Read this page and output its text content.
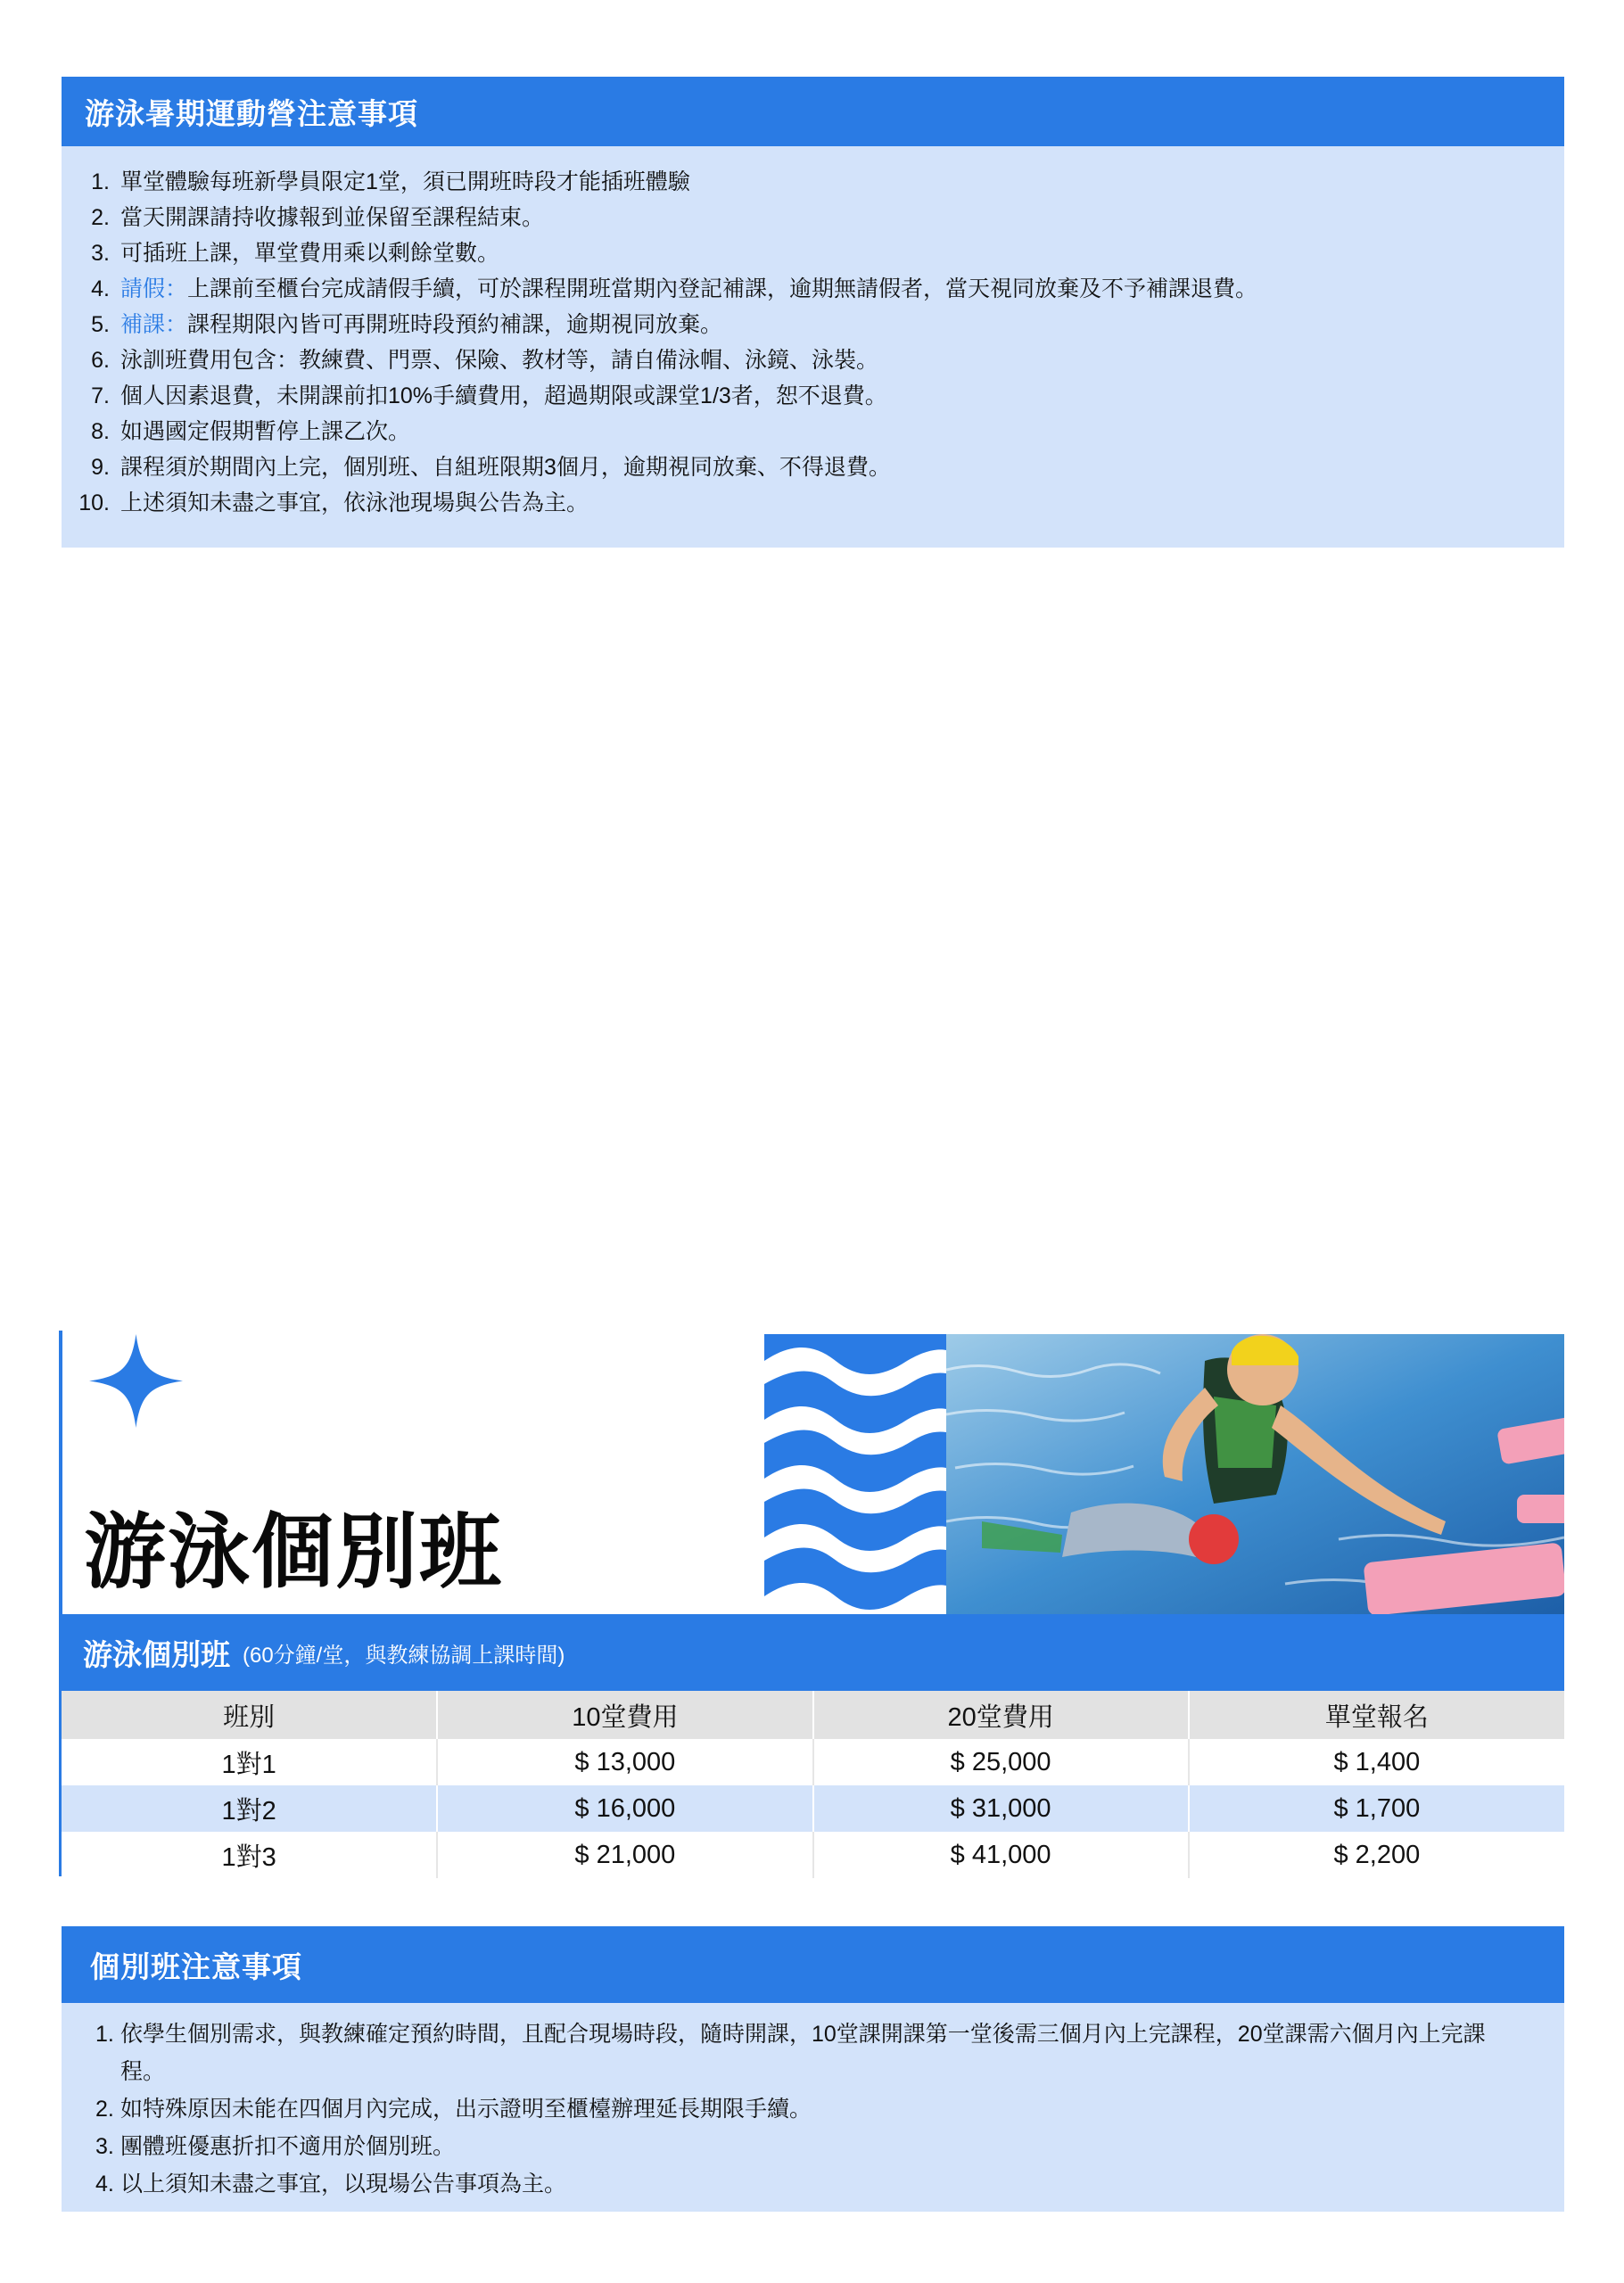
游泳暑期運動營注意事項
1. 單堂體驗每班新學員限定1堂，須已開班時段才能插班體驗
2. 當天開課請持收據報到並保留至課程結束。
3. 可插班上課，單堂費用乘以剩餘堂數。
4. 請假：上課前至櫃台完成請假手續，可於課程開班當期內登記補課，逾期無請假者，當天視同放棄及不予補課退費。
5. 補課：課程期限內皆可再開班時段預約補課，逾期視同放棄。
6. 泳訓班費用包含：教練費、門票、保險、教材等，請自備泳帽、泳鏡、泳裝。
7. 個人因素退費，未開課前扣10%手續費用，超過期限或課堂1/3者，恕不退費。
8. 如遇國定假期暫停上課乙次。
9. 課程須於期間內上完，個別班、自組班限期3個月，逾期視同放棄、不得退費。
10. 上述須知未盡之事宜，依泳池現場與公告為主。
游泳個別班
游泳個別班 (60分鐘/堂，與教練協調上課時間)
班別	10堂費用	20堂費用	單堂報名
1對1	$ 13,000	$ 25,000	$ 1,400
1對2	$ 16,000	$ 31,000	$ 1,700
1對3	$ 21,000	$ 41,000	$ 2,200
個別班注意事項
1. 依學生個別需求，與教練確定預約時間，且配合現場時段，隨時開課，10堂課開課第一堂後需三個月內上完課程，20堂課需六個月內上完課程。
2. 如特殊原因未能在四個月內完成，出示證明至櫃檯辦理延長期限手續。
3. 團體班優惠折扣不適用於個別班。
4. 以上須知未盡之事宜，以現場公告事項為主。
